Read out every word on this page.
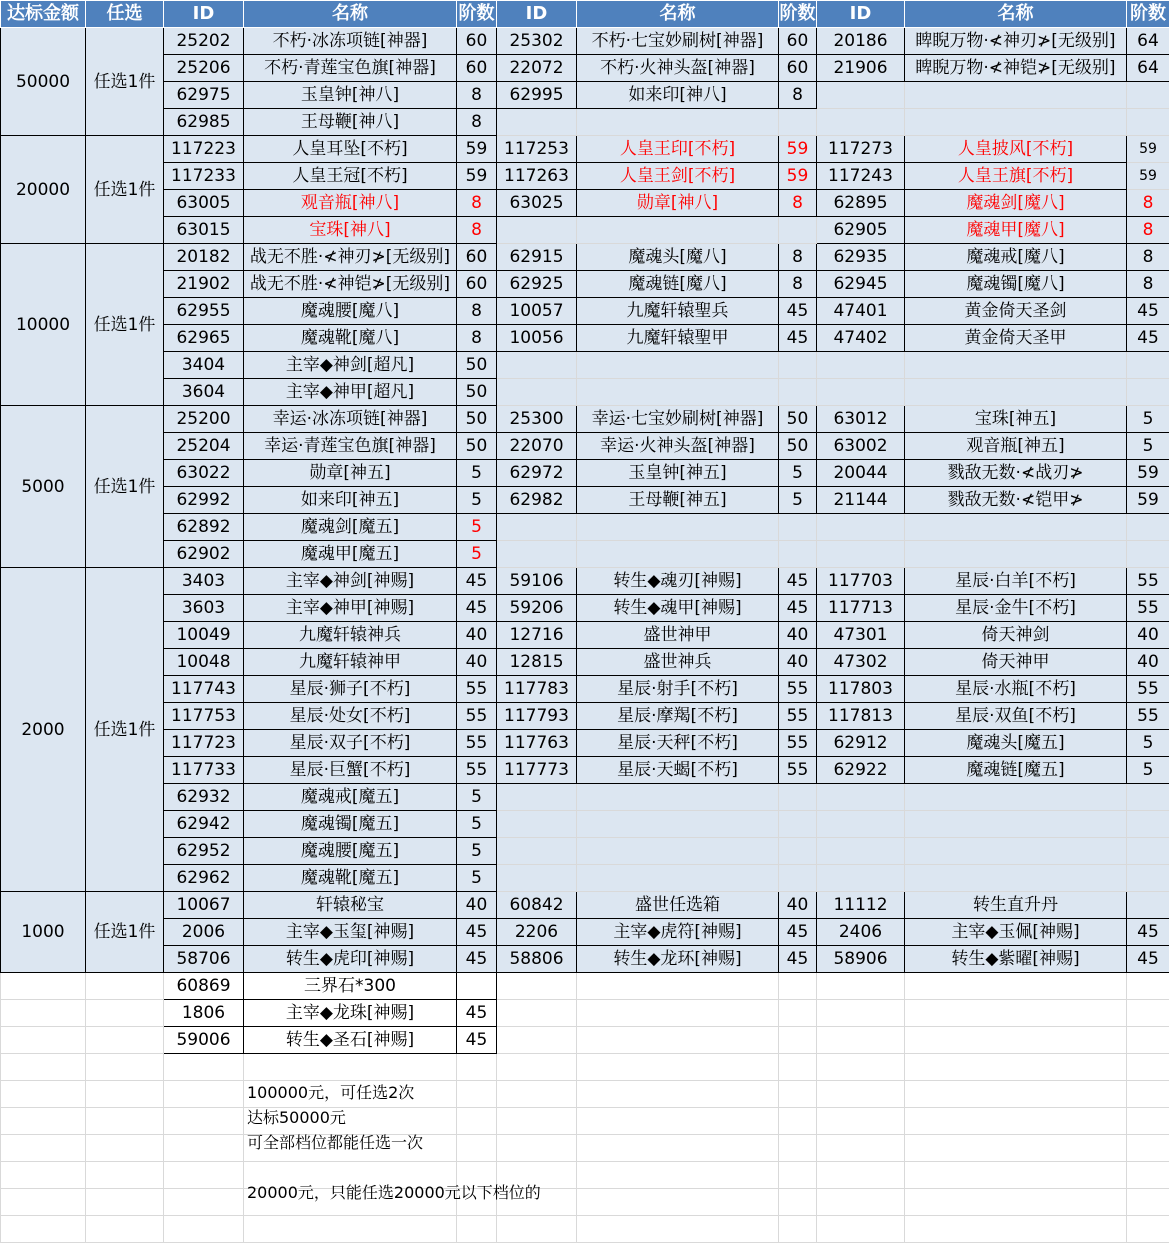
达标金额	任选	ID	名称	阶数	ID	名称	阶数	ID	名称	阶数
50000	任选1件	25202	不朽·冰冻项链[神器]	60	25302	不朽·七宝妙刷树[神器]	60	20186	睥睨万物·≮神刃≯[无级别]	64
		25206	不朽·青莲宝色旗[神器]	60	22072	不朽·火神头盔[神器]	60	21906	睥睨万物·≮神铠≯[无级别]	64
		62975	玉皇钟[神八]	8	62995	如来印[神八]	8			
		62985	王母鞭[神八]	8						
20000	任选1件	117223	人皇耳坠[不朽]	59	117253	人皇王印[不朽]	59	117273	人皇披风[不朽]	59
		117233	人皇王冠[不朽]	59	117263	人皇王剑[不朽]	59	117243	人皇王旗[不朽]	59
		63005	观音瓶[神八]	8	63025	勋章[神八]	8	62895	魔魂剑[魔八]	8
		63015	宝珠[神八]	8				62905	魔魂甲[魔八]	8
10000	任选1件	20182	战无不胜·≮神刃≯[无级别]	60	62915	魔魂头[魔八]	8	62935	魔魂戒[魔八]	8
		21902	战无不胜·≮神铠≯[无级别]	60	62925	魔魂链[魔八]	8	62945	魔魂镯[魔八]	8
		62955	魔魂腰[魔八]	8	10057	九魔轩辕聖兵	45	47401	黄金倚天圣剑	45
		62965	魔魂靴[魔八]	8	10056	九魔轩辕聖甲	45	47402	黄金倚天圣甲	45
		3404	主宰◆神剑[超凡]	50						
		3604	主宰◆神甲[超凡]	50						
5000	任选1件	25200	幸运·冰冻项链[神器]	50	25300	幸运·七宝妙刷树[神器]	50	63012	宝珠[神五]	5
		25204	幸运·青莲宝色旗[神器]	50	22070	幸运·火神头盔[神器]	50	63002	观音瓶[神五]	5
		63022	勋章[神五]	5	62972	玉皇钟[神五]	5	20044	戮敌无数·≮战刃≯	59
		62992	如来印[神五]	5	62982	王母鞭[神五]	5	21144	戮敌无数·≮铠甲≯	59
		62892	魔魂剑[魔五]	5						
		62902	魔魂甲[魔五]	5						
2000	任选1件	3403	主宰◆神剑[神赐]	45	59106	转生◆魂刃[神赐]	45	117703	星辰·白羊[不朽]	55
		3603	主宰◆神甲[神赐]	45	59206	转生◆魂甲[神赐]	45	117713	星辰·金牛[不朽]	55
		10049	九魔轩辕神兵	40	12716	盛世神甲	40	47301	倚天神剑	40
		10048	九魔轩辕神甲	40	12815	盛世神兵	40	47302	倚天神甲	40
		117743	星辰·狮子[不朽]	55	117783	星辰·射手[不朽]	55	117803	星辰·水瓶[不朽]	55
		117753	星辰·处女[不朽]	55	117793	星辰·摩羯[不朽]	55	117813	星辰·双鱼[不朽]	55
		117723	星辰·双子[不朽]	55	117763	星辰·天秤[不朽]	55	62912	魔魂头[魔五]	5
		117733	星辰·巨蟹[不朽]	55	117773	星辰·天蝎[不朽]	55	62922	魔魂链[魔五]	5
		62932	魔魂戒[魔五]	5						
		62942	魔魂镯[魔五]	5						
		62952	魔魂腰[魔五]	5						
		62962	魔魂靴[魔五]	5						
1000	任选1件	10067	轩辕秘宝	40	60842	盛世任选箱	40	11112	转生直升丹	
		2006	主宰◆玉玺[神赐]	45	2206	主宰◆虎符[神赐]	45	2406	主宰◆玉佩[神赐]	45
		58706	转生◆虎印[神赐]	45	58806	转生◆龙环[神赐]	45	58906	转生◆紫曜[神赐]	45
		60869	三界石*300							
		1806	主宰◆龙珠[神赐]	45						
		59006	转生◆圣石[神赐]	45						

100000元，可任选2次
达标50000元
可全部档位都能任选一次
20000元，只能任选20000元以下档位的
